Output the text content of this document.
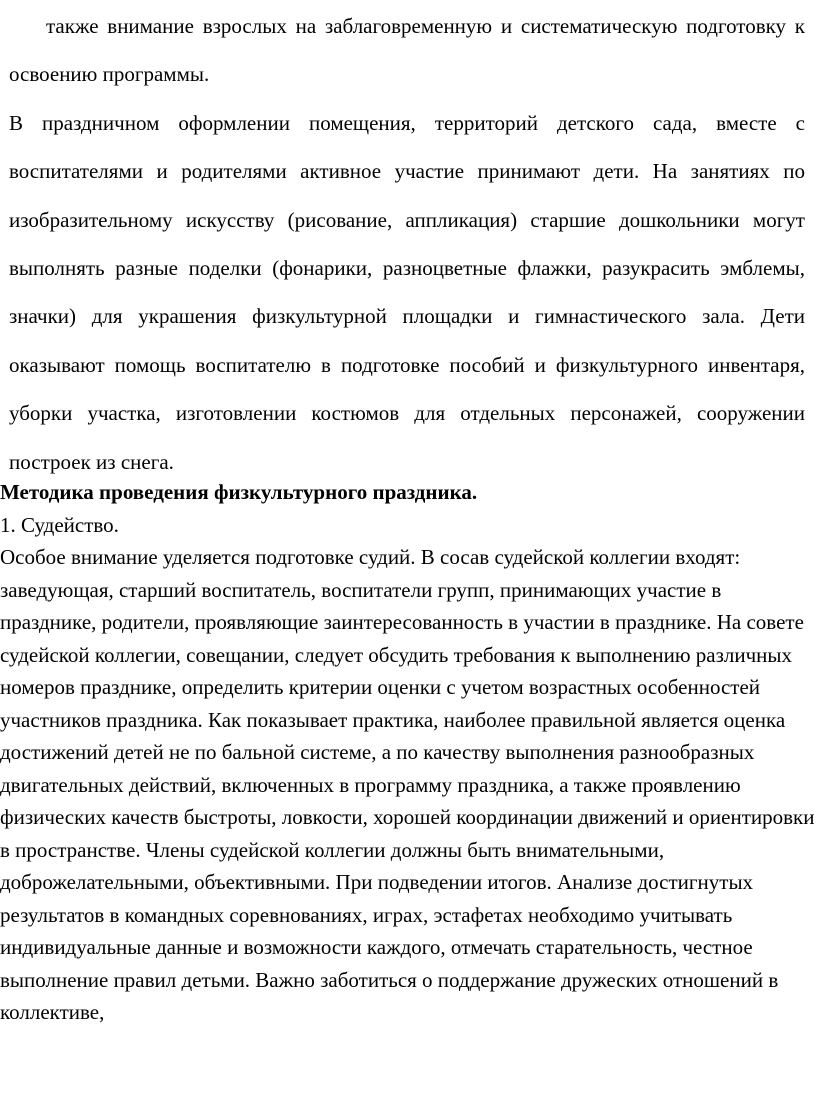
также внимание взрослых на заблаговременную и систематическую подготовку к освоению программы.

В праздничном оформлении помещения, территорий детского сада, вместе с воспитателями и родителями активное участие принимают дети. На занятиях по изобразительному искусству (рисование, аппликация) старшие дошкольники могут выполнять разные поделки (фонарики, разноцветные флажки, разукрасить эмблемы, значки) для украшения физкультурной площадки и гимнастического зала. Дети оказывают помощь воспитателю в подготовке пособий и физкультурного инвентаря, уборки участка, изготовлении костюмов для отдельных персонажей, сооружении построек из снега.

Методика проведения физкультурного праздника.

1. Судейство.

Особое внимание уделяется подготовке судий. В сосав судейской коллегии входят: заведующая, старший воспитатель, воспитатели групп, принимающих участие в празднике, родители, проявляющие заинтересованность в участии в празднике. На совете судейской коллегии, совещании, следует обсудить требования к выполнению различных номеров празднике, определить критерии оценки с учетом возрастных особенностей участников праздника. Как показывает практика, наиболее правильной является оценка достижений детей не по бальной системе, а по качеству выполнения разнообразных двигательных действий, включенных в программу праздника, а также проявлению физических качеств быстроты, ловкости, хорошей координации движений и ориентировки в пространстве. Члены судейской коллегии должны быть внимательными, доброжелательными, объективными. При подведении итогов. Анализе достигнутых результатов в командных соревнованиях, играх, эстафетах необходимо учитывать индивидуальные данные и возможности каждого, отмечать старательность, честное выполнение правил детьми. Важно заботиться о поддержание дружеских отношений в коллективе,
